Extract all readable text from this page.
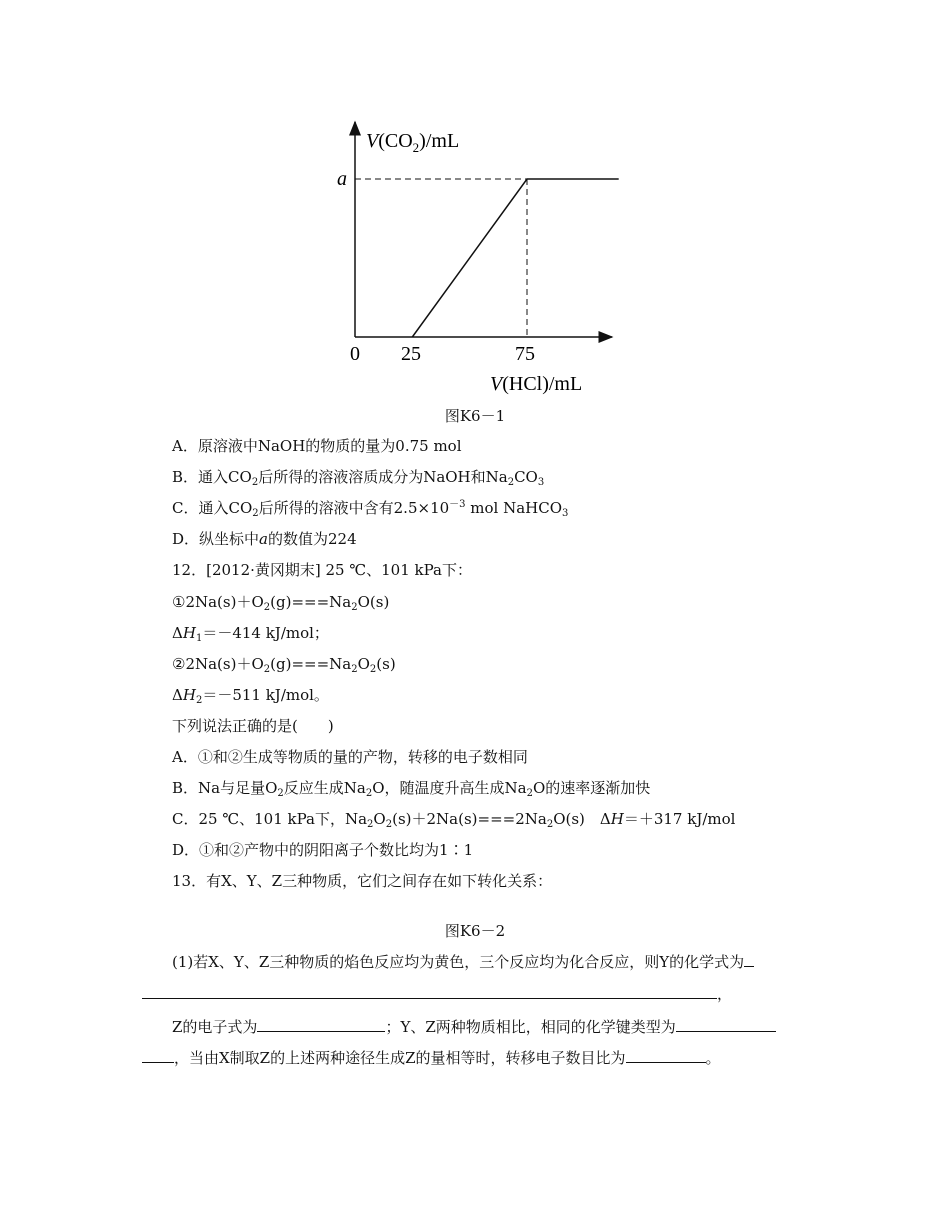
$V(CO_2)/mL$
a
0 25	75
V(HCl)/mL
图K6－1
A．原溶液中NaOH的物质的量为0.75 mol
B．通入$CO_2$后所得的溶液溶质成分为NaOH和$Na_2CO_3$
C．通入$CO_2$后所得的溶液中含有$2.5\times 10^{-3}$ mol NaHCO$_3$
D．纵坐标中a的数值为224
12．[2012·黄冈期末] 25 ℃、101 kPa下：
$①2Na(s)+O_2(g)===Na_2O(s)$
$\Delta H_1=-414$ kJ/mol；
$②2Na(s)+O_2(g)===Na_2O_2(s)$
$\Delta H_2=-511$ kJ/mol。
下列说法正确的是(　　)
A．①和②生成等物质的量的产物，转移的电子数相同
B．Na与足量$O_2$反应生成$Na_2O$，随温度升高生成$Na_2O$的速率逐渐加快
C．25 ℃、101 kPa下，$Na_2O_2(s)+2Na(s)===2Na_2O(s)$　ΔH＝＋317 kJ/mol
D．①和②产物中的阴阳离子个数比均为1∶1
13．有X、Y、Z三种物质，它们之间存在如下转化关系：
图K6－2
(1)若X、Y、Z三种物质的焰色反应均为黄色，三个反应均为化合反应，则Y的化学式为
，
Z的电子式为	；Y、Z两种物质相比，相同的化学键类型为
，当由X制取Z的上述两种途径生成Z的量相等时，转移电子数目比为	。
